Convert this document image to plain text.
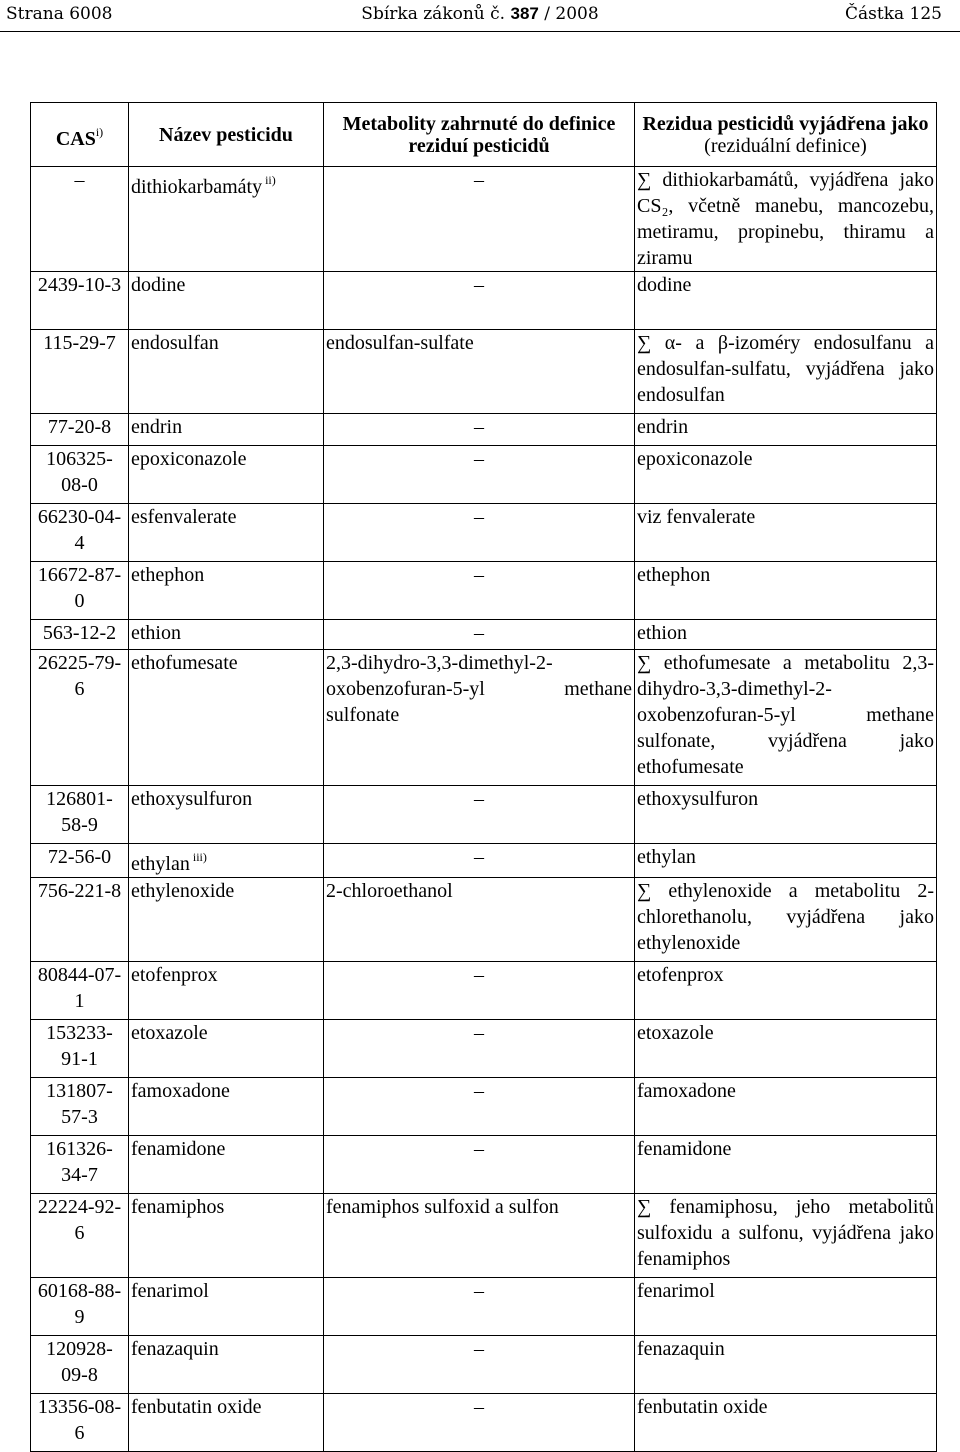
Strana 6008	Sbírka zákonů č. 387 / 2008	Částka 125
CAS$^{i)}$	Název pesticidu	Metabolity zahrnuté do definice reziduí pesticidů	Rezidua pesticidů vyjádřena jako
(reziduální definice)

–	dithiokarbamáty $^{ii)}$	–	∑ dithiokarbamátů, vyjádřena jako CS₂, včetně manebu, mancozebu, metiramu, propinebu, thiramu a ziramu
2439-10-3	dodine	–	dodine
115-29-7	endosulfan	endosulfan-sulfate	∑ α- a β-izoméry endosulfanu a endosulfan-sulfatu, vyjádřena jako endosulfan
77-20-8	endrin	–	endrin
106325-08-0	epoxiconazole	–	epoxiconazole
66230-04-4	esfenvalerate	–	viz fenvalerate
16672-87-0	ethephon	–	ethephon
563-12-2	ethion	–	ethion
26225-79-6	ethofumesate	2,3-dihydro-3,3-dimethyl-2-oxobenzofuran-5-yl methane sulfonate	∑ ethofumesate a metabolitu 2,3-dihydro-3,3-dimethyl-2-oxobenzofuran-5-yl methane sulfonate, vyjádřena jako ethofumesate
126801-58-9	ethoxysulfuron	–	ethoxysulfuron
72-56-0	ethylan $^{iii)}$	–	ethylan
756-221-8	ethylenoxide	2-chloroethanol	∑ ethylenoxide a metabolitu 2-chlorethanolu, vyjádřena jako ethylenoxide
80844-07-1	etofenprox	–	etofenprox
153233-91-1	etoxazole	–	etoxazole
131807-57-3	famoxadone	–	famoxadone
161326-34-7	fenamidone	–	fenamidone
22224-92-6	fenamiphos	fenamiphos sulfoxid a sulfon	∑ fenamiphosu, jeho metabolitů sulfoxidu a sulfonu, vyjádřena jako fenamiphos
60168-88-9	fenarimol	–	fenarimol
120928-09-8	fenazaquin	–	fenazaquin
13356-08-6	fenbutatin oxide	–	fenbutatin oxide
